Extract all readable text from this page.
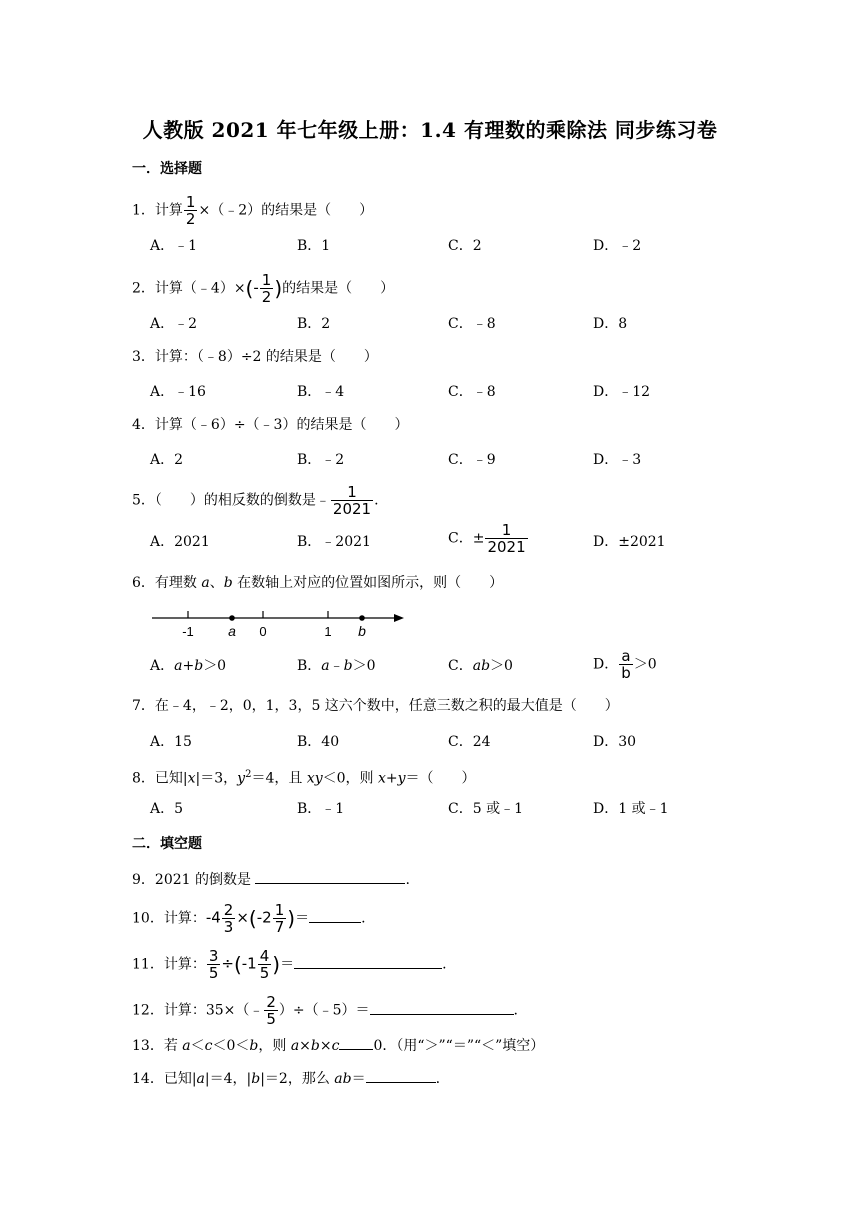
人教版 2021 年七年级上册：1.4 有理数的乘除法 同步练习卷
一．选择题
1．计算 $\frac{1}{2}$ ×（﹣2）的结果是（　　）
A．﹣1	B．1	C．2	D．﹣2
2．计算（﹣4）×(- $\frac{1}{2}$ )的结果是（　　）
A．﹣2	B．2	C．﹣8	D．8
3．计算：（﹣8）÷2 的结果是（　　）
A．﹣16	B．﹣4	C．﹣8	D．﹣12
4．计算（﹣6）÷（﹣3）的结果是（　　）
A．2	B．﹣2	C．﹣9	D．﹣3
5．（　　）的相反数的倒数是﹣ $\frac{1}{2021}$ .
A．2021	B．﹣2021	C．± $\frac{1}{2021}$	D．±2021
6．有理数 a、b 在数轴上对应的位置如图所示，则（　　）
-1 a 0	1 b
A．a+b＞0	B．a﹣b＞0	C．ab＞0	D． $\frac{a}{b} >0$
7．在﹣4，﹣2，0，1，3，5 这六个数中，任意三数之积的最大值是（　　）
A．15	B．40	C．24	D．30
8．已知|x|＝3，$y^2=4$，且 xy＜0，则 x+y＝（　　）
A．5	B．﹣1	C．5 或﹣1	D．1 或﹣1
二．填空题
9．2021 的倒数是	.
10．计算：$-4 \frac{2}{3} \times(-2 \frac{1}{7}$ )＝	.
11．计算： $\frac{3}{5} \div(-1 \frac{4}{5}$ )＝	.
12．计算：35×（﹣ $\frac{2}{5}$ ）÷（﹣5）＝	.
13．若 a＜c＜0＜b，则 a×b×c 0．（用“＞”“＝”“＜”填空）
14．已知|a|＝4，|b|＝2，那么 ab＝	.
